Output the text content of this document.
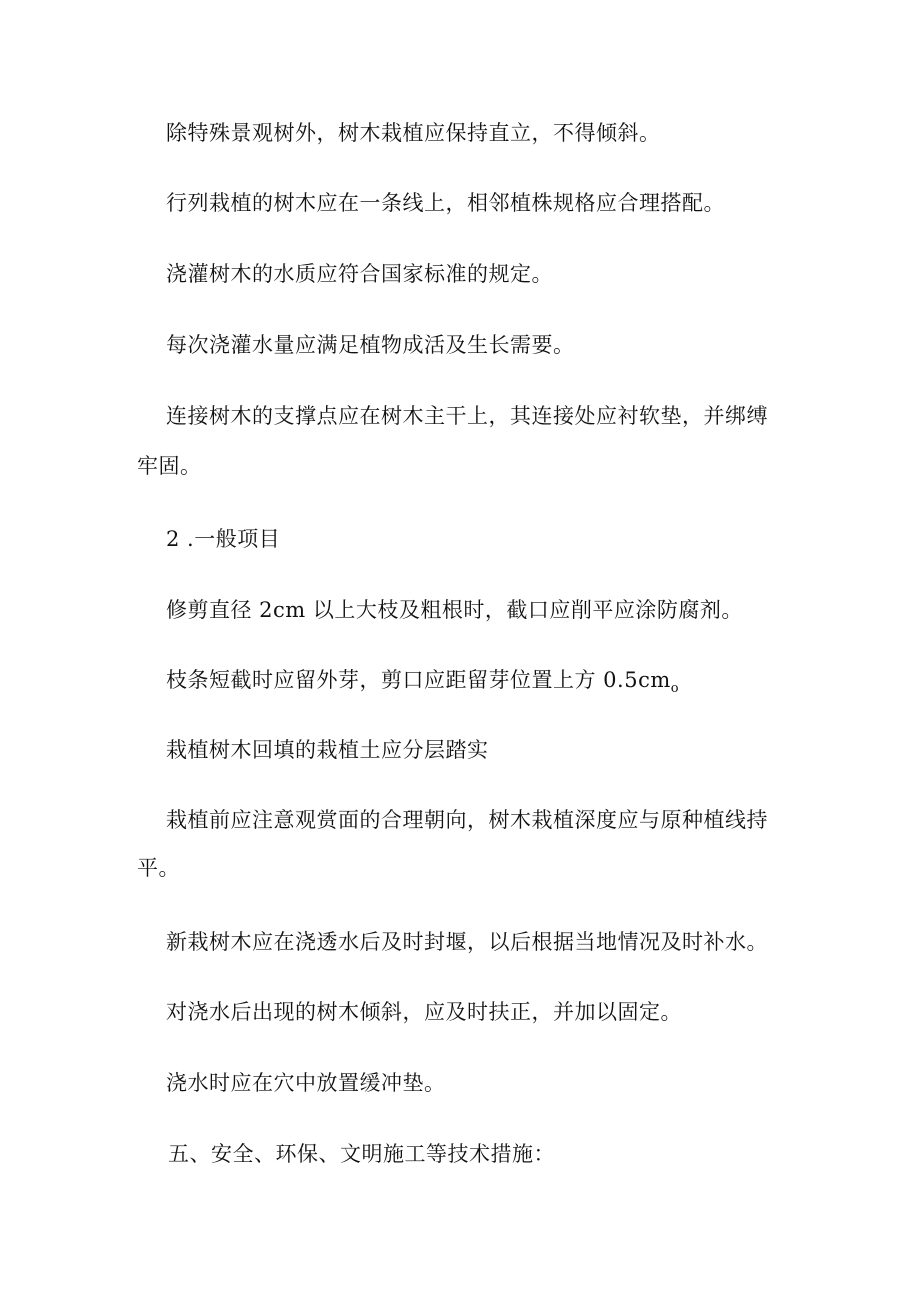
除特殊景观树外，树木栽植应保持直立，不得倾斜。
行列栽植的树木应在一条线上，相邻植株规格应合理搭配。
浇灌树木的水质应符合国家标准的规定。
每次浇灌水量应满足植物成活及生长需要。
连接树木的支撑点应在树木主干上，其连接处应衬软垫，并绑缚
牢固。
2 .一般项目
修剪直径 2cm 以上大枝及粗根时，截口应削平应涂防腐剂。
枝条短截时应留外芽，剪口应距留芽位置上方 $0.5cm_o$
栽植树木回填的栽植土应分层踏实
栽植前应注意观赏面的合理朝向，树木栽植深度应与原种植线持
平。
新栽树木应在浇透水后及时封堰，以后根据当地情况及时补水。
对浇水后出现的树木倾斜，应及时扶正，并加以固定。
浇水时应在穴中放置缓冲垫。
五、安全、环保、文明施工等技术措施：
